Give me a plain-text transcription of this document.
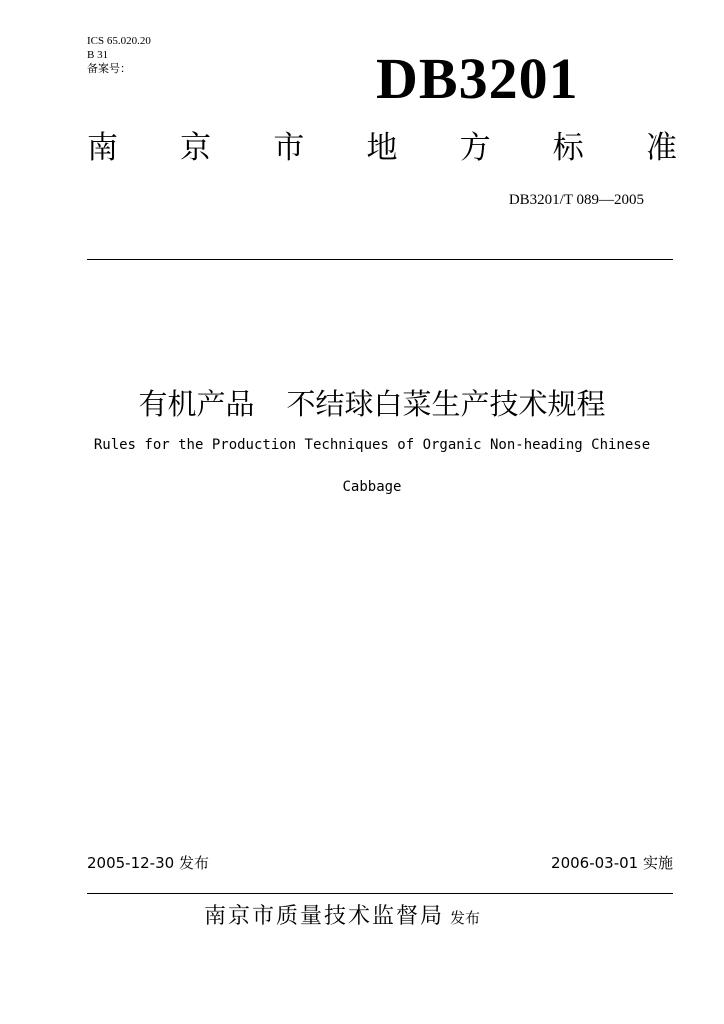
ICS 65.020.20
B 31
备案号：	DB3201
南 京 市 地 方 标 准
DB3201/T 089—2005
有机产品 不结球白菜生产技术规程
Rules for the Production Techniques of Organic Non-heading Chinese
Cabbage
2005-12-30 发布	2006-03-01 实施
南京市质量技术监督局 发布
